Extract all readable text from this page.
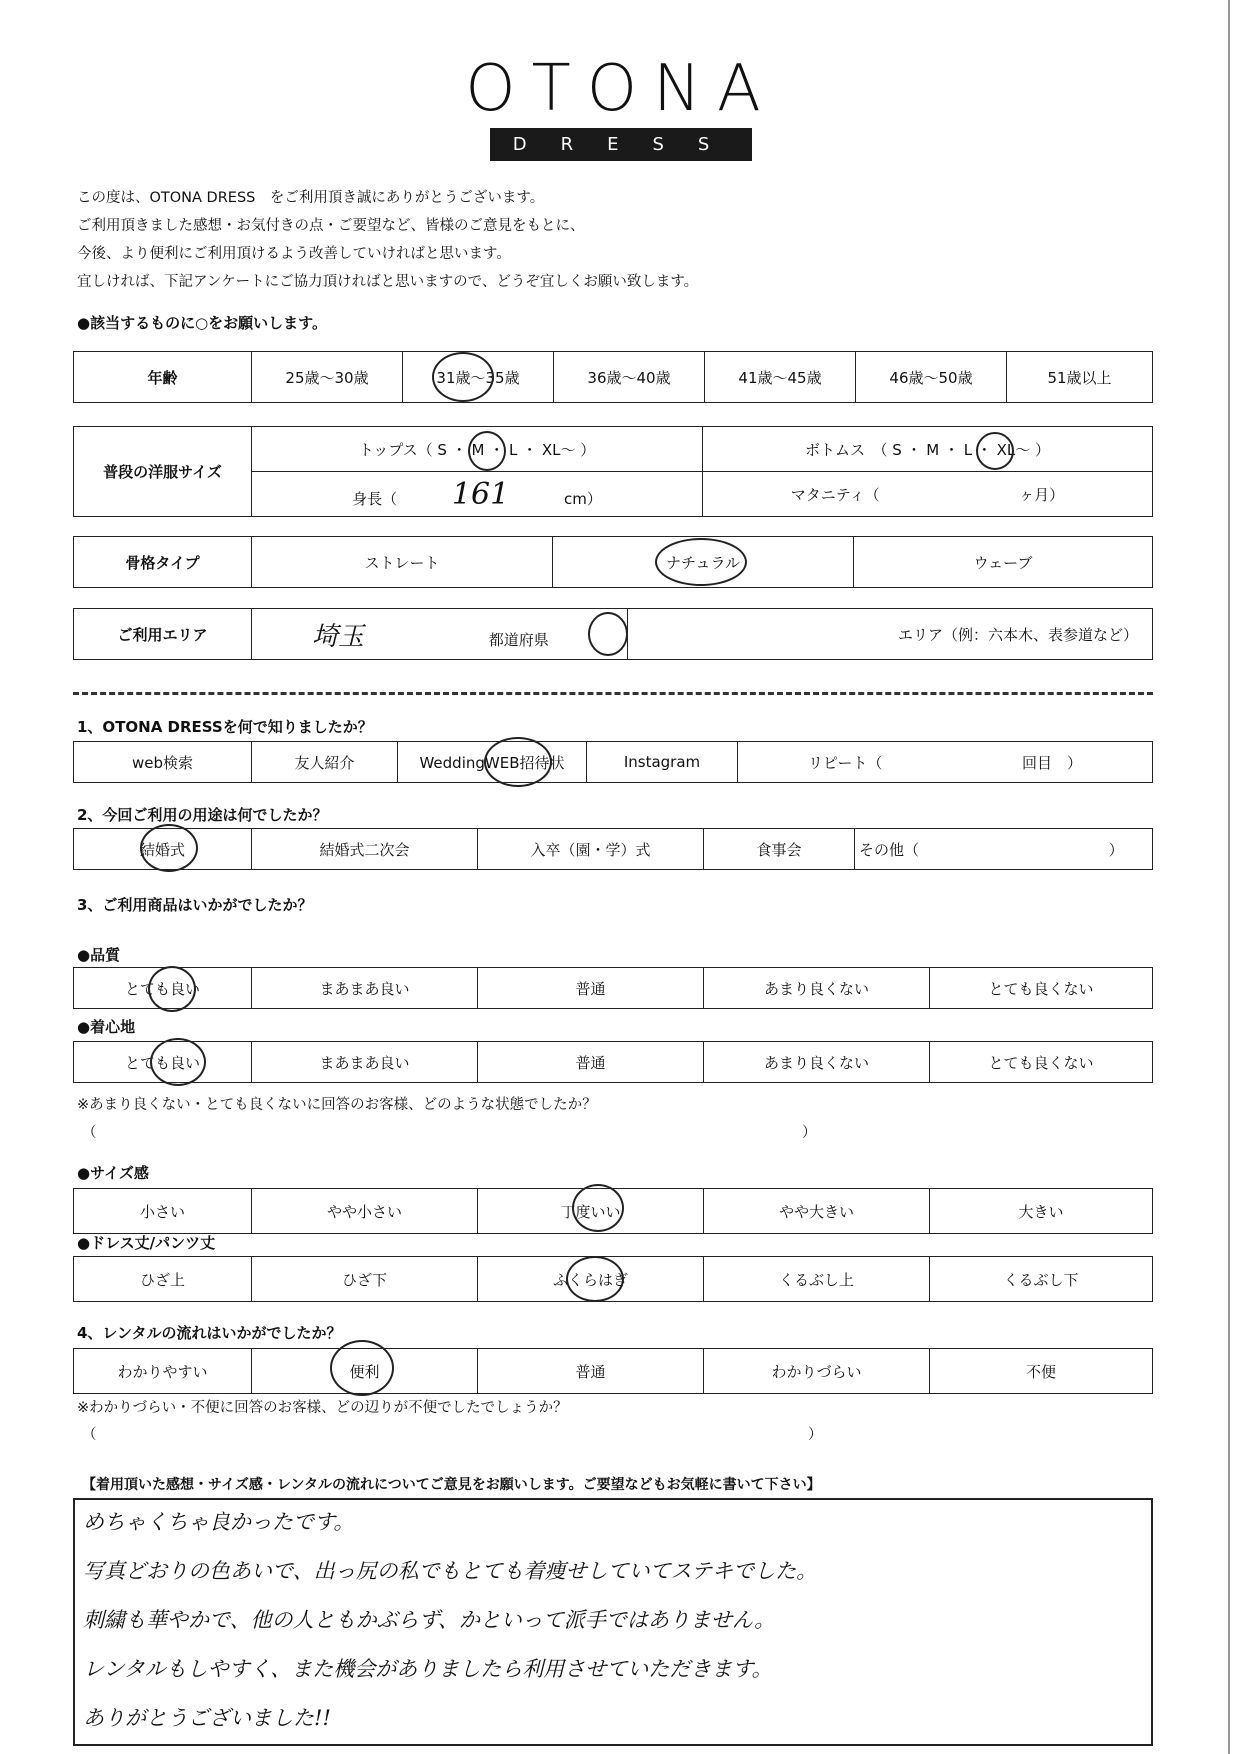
OTONA
DRESS
この度は、OTONA DRESS　をご利用頂き誠にありがとうございます。
ご利用頂きました感想・お気付きの点・ご要望など、皆様のご意見をもとに、
今後、より便利にご利用頂けるよう改善していければと思います。
宜しければ、下記アンケートにご協力頂ければと思いますので、どうぞ宜しくお願い致します。
●該当するものに○をお願いします。
年齢	25歳〜30歳	31歳〜35歳	36歳〜40歳	41歳〜45歳	46歳〜50歳	51歳以上
普段の洋服サイズ	トップス（ S ・ M ・ L ・ XL〜 ）	ボトムス　（ S ・ M ・ L ・ XL〜 ）
	身長（ 161 cm）	マタニティ（ ヶ月）
骨格タイプ	ストレート	ナチュラル	ウェーブ
ご利用エリア	埼玉	都道府県	エリア（例：六本木、表参道など）
1、OTONA DRESSを何で知りましたか？
web検索	友人紹介	WeddingWEB招待状	Instagram	リピート（	回目　）
2、今回ご利用の用途は何でしたか？
結婚式	結婚式二次会	入卒（園・学）式	食事会	その他（	）
3、ご利用商品はいかがでしたか？
●品質
とても良い	まあまあ良い	普通	あまり良くない	とても良くない
●着心地
とても良い	まあまあ良い	普通	あまり良くない	とても良くない
※あまり良くない・とても良くないに回答のお客様、どのような状態でしたか？
（	）
●サイズ感
小さい	やや小さい	丁度いい	やや大きい	大きい
●ドレス丈/パンツ丈
ひざ上	ひざ下	ふくらはぎ	くるぶし上	くるぶし下
4、レンタルの流れはいかがでしたか？
わかりやすい	便利	普通	わかりづらい	不便
※わかりづらい・不便に回答のお客様、どの辺りが不便でしたでしょうか？
（	）
【着用頂いた感想・サイズ感・レンタルの流れについてご意見をお願いします。ご要望などもお気軽に書いて下さい】
めちゃくちゃ良かったです。
写真どおりの色あいで、出っ尻の私でもとても着痩せしていてステキでした。
刺繍も華やかで、他の人ともかぶらず、かといって派手ではありません。
レンタルもしやすく、また機会がありましたら利用させていただきます。
ありがとうございました!!
